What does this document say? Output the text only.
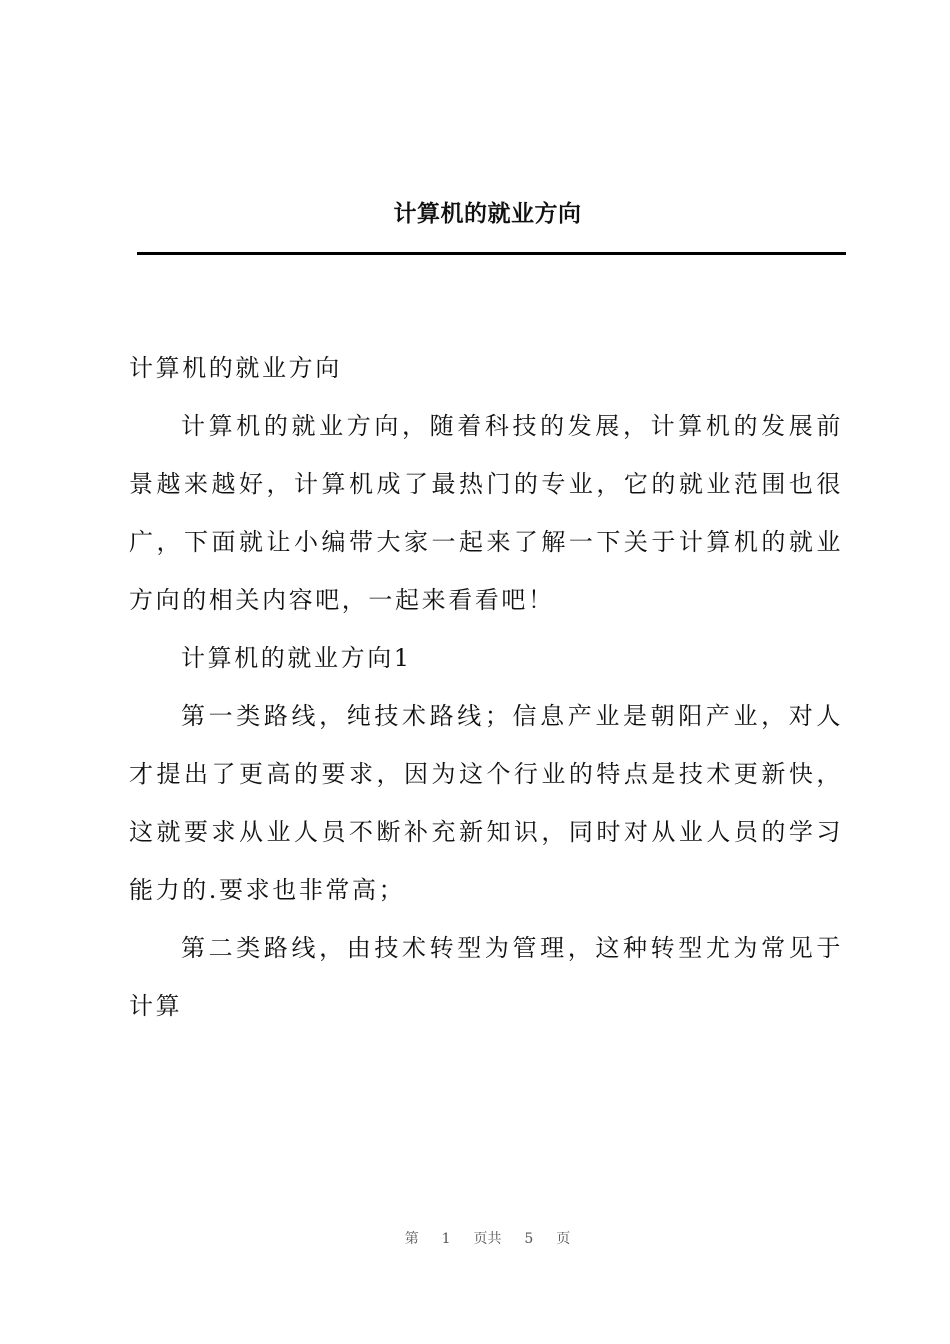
计算机的就业方向

计算机的就业方向

计算机的就业方向，随着科技的发展，计算机的发展前景越来越好，计算机成了最热门的专业，它的就业范围也很广，下面就让小编带大家一起来了解一下关于计算机的就业方向的相关内容吧，一起来看看吧！

计算机的就业方向1

第一类路线，纯技术路线；信息产业是朝阳产业，对人才提出了更高的要求，因为这个行业的特点是技术更新快，这就要求从业人员不断补充新知识，同时对从业人员的学习能力的.要求也非常高；

第二类路线，由技术转型为管理，这种转型尤为常见于计算

第 1 页共 5 页
